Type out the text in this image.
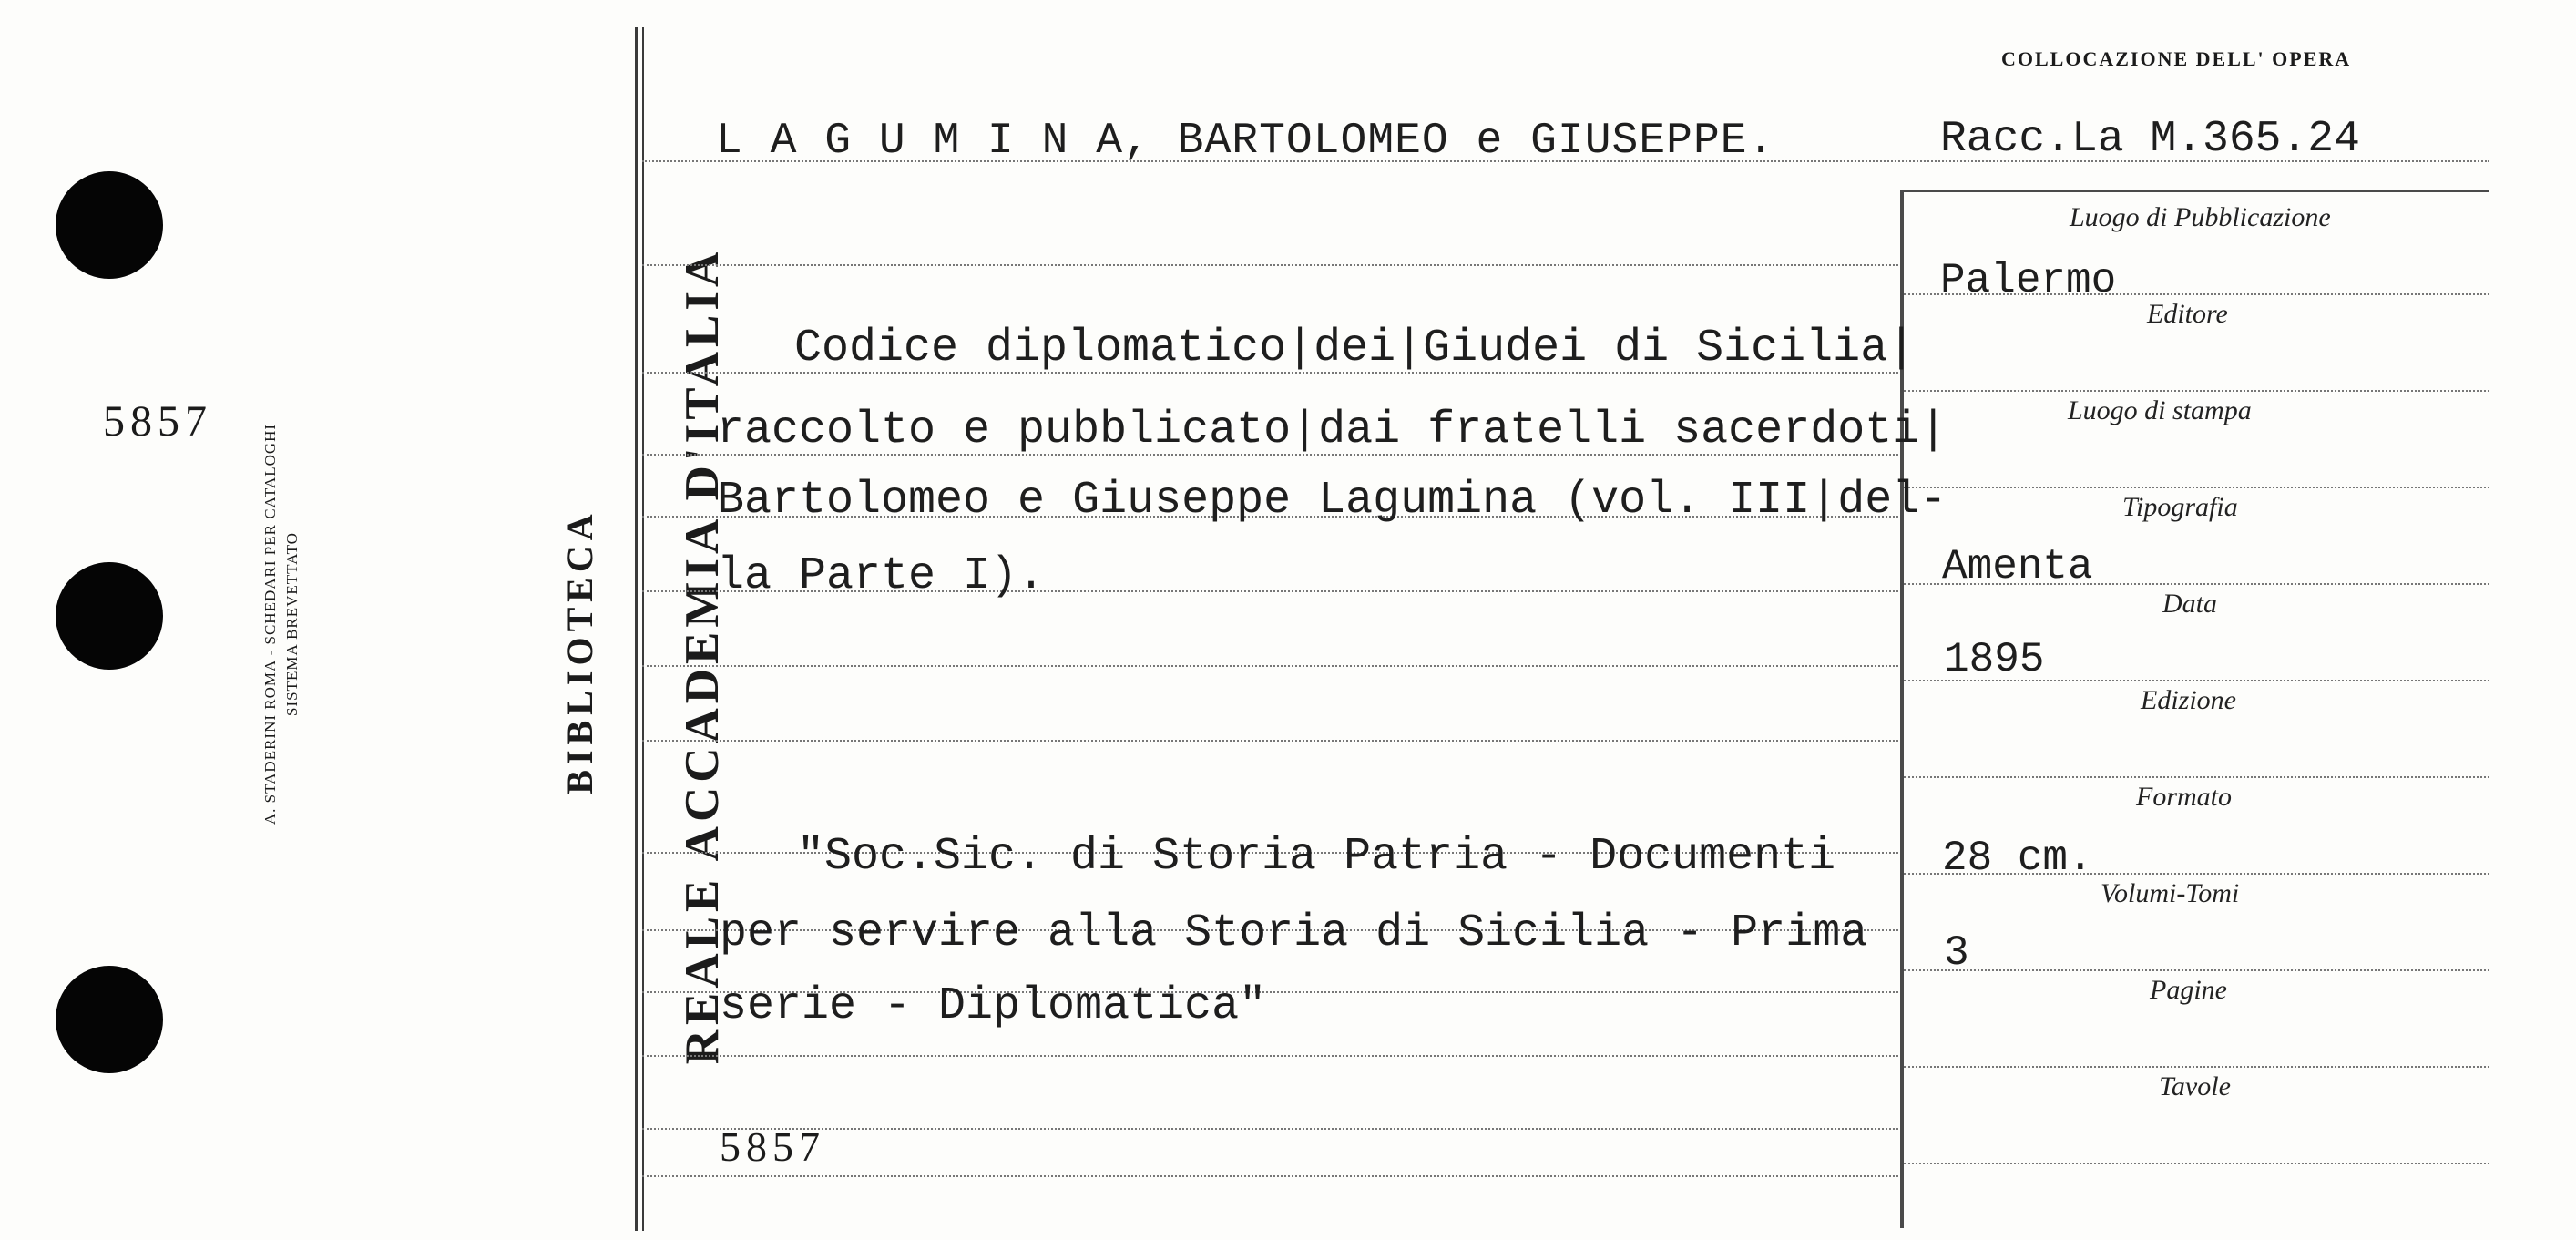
5857
A. STADERINI ROMA - SCHEDARI PER CATALOGHI SISTEMA BREVETTATO	REALE ACCADEMIA D'ITALIA
BIBLIOTECA
COLLOCAZIONE DELL' OPERA
L A G U M I N A, BARTOLOMEO e GIUSEPPE.	Racc.La M.365.24
Codice diplomatico|dei|Giudei di Sicilia|
raccolto e pubblicato|dai fratelli sacerdoti|
Bartolomeo e Giuseppe Lagumina (vol. III|del-
la Parte I).
"Soc.Sic. di Storia Patria - Documenti
per servire alla Storia di Sicilia - Prima
serie - Diplomatica"
5857
Luogo di Pubblicazione
Palermo
Editore
Luogo di stampa
Tipografia
Amenta
Data
1895
Edizione
Formato
28 cm.
Volumi-Tomi
3
Pagine
Tavole
